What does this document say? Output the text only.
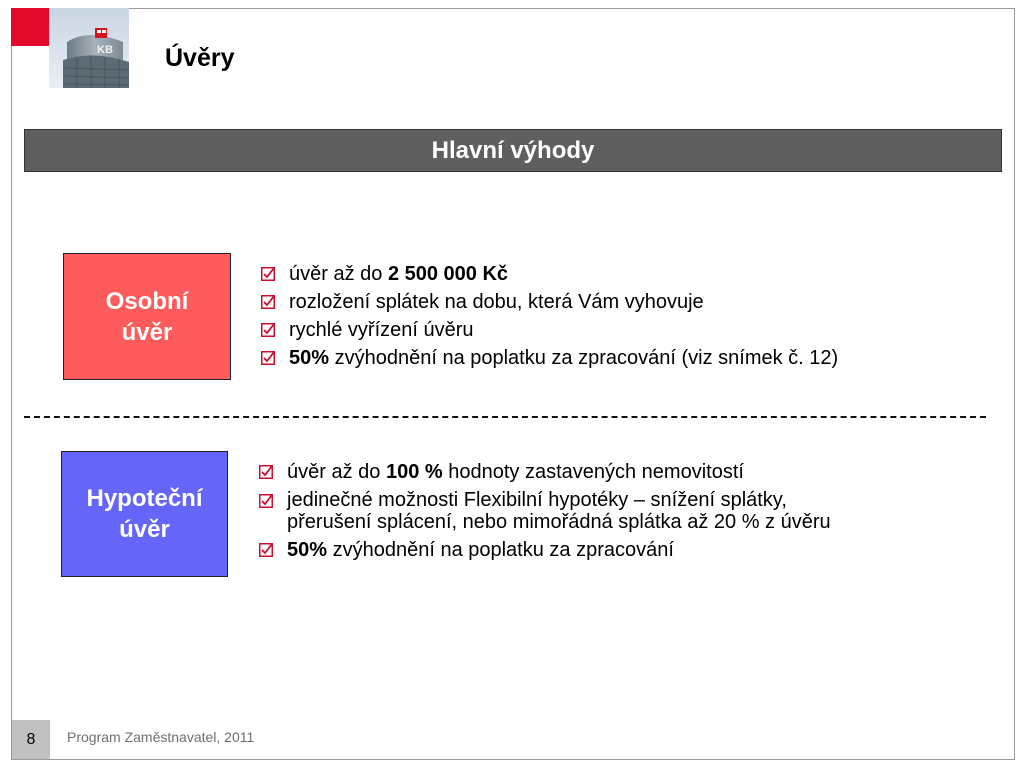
KB Úvěry
Hlavní výhody
Osobní
úvěr
úvěr až do 2 500 000 Kč
rozložení splátek na dobu, která Vám vyhovuje
rychlé vyřízení úvěru
50% zvýhodnění na poplatku za zpracování (viz snímek č. 12)
Hypoteční
úvěr
úvěr až do 100 % hodnoty zastavených nemovitostí
jedinečné možnosti Flexibilní hypotéky – snížení splátky,
přerušení splácení, nebo mimořádná splátka až 20 % z úvěru
50% zvýhodnění na poplatku za zpracování
8	Program Zaměstnavatel, 2011
